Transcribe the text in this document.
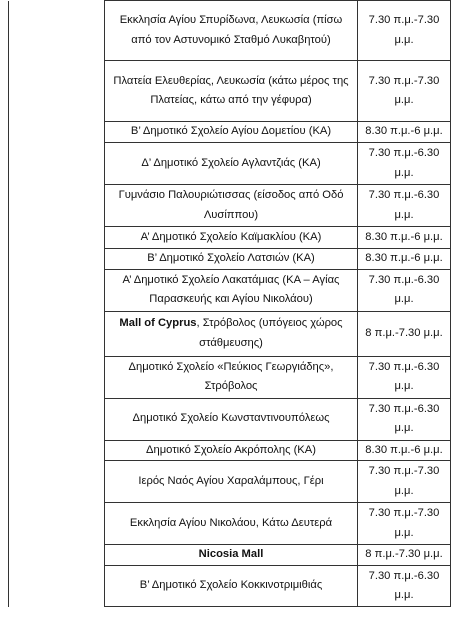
	Εκκλησία Αγίου Σπυρίδωνα, Λευκωσία (πίσω από τον Αστυνομικό Σταθμό Λυκαβητού)	7.30 π.μ.-7.30 μ.μ.
	Πλατεία Ελευθερίας, Λευκωσία (κάτω μέρος της Πλατείας, κάτω από την γέφυρα)	7.30 π.μ.-7.30 μ.μ.
	Β’ Δημοτικό Σχολείο Αγίου Δομετίου (ΚΑ)	8.30 π.μ.-6 μ.μ.
	Δ’ Δημοτικό Σχολείο Αγλαντζιάς (ΚΑ)	7.30 π.μ.-6.30 μ.μ.
	Γυμνάσιο Παλουριώτισσας (είσοδος από Οδό Λυσίππου)	7.30 π.μ.-6.30 μ.μ.
	Α’ Δημοτικό Σχολείο Καϊμακλίου (ΚΑ)	8.30 π.μ.-6 μ.μ.
	Β’ Δημοτικό Σχολείο Λατσιών (ΚΑ)	8.30 π.μ.-6 μ.μ.
	Α’ Δημοτικό Σχολείο Λακατάμιας (ΚΑ – Αγίας Παρασκευής και Αγίου Νικολάου)	7.30 π.μ.-6.30 μ.μ.
	Mall of Cyprus, Στρόβολος (υπόγειος χώρος στάθμευσης)	8 π.μ.-7.30 μ.μ.
	Δημοτικό Σχολείο «Πεύκιος Γεωργιάδης», Στρόβολος	7.30 π.μ.-6.30 μ.μ.
	Δημοτικό Σχολείο Κωνσταντινουπόλεως	7.30 π.μ.-6.30 μ.μ.
	Δημοτικό Σχολείο Ακρόπολης (ΚΑ)	8.30 π.μ.-6 μ.μ.
	Ιερός Ναός Αγίου Χαραλάμπους, Γέρι	7.30 π.μ.-7.30 μ.μ.
	Εκκλησία Αγίου Νικολάου, Κάτω Δευτερά	7.30 π.μ.-7.30 μ.μ.
	Nicosia Mall	8 π.μ.-7.30 μ.μ.
	Β’ Δημοτικό Σχολείο Κοκκινοτριμιθιάς	7.30 π.μ.-6.30 μ.μ.
